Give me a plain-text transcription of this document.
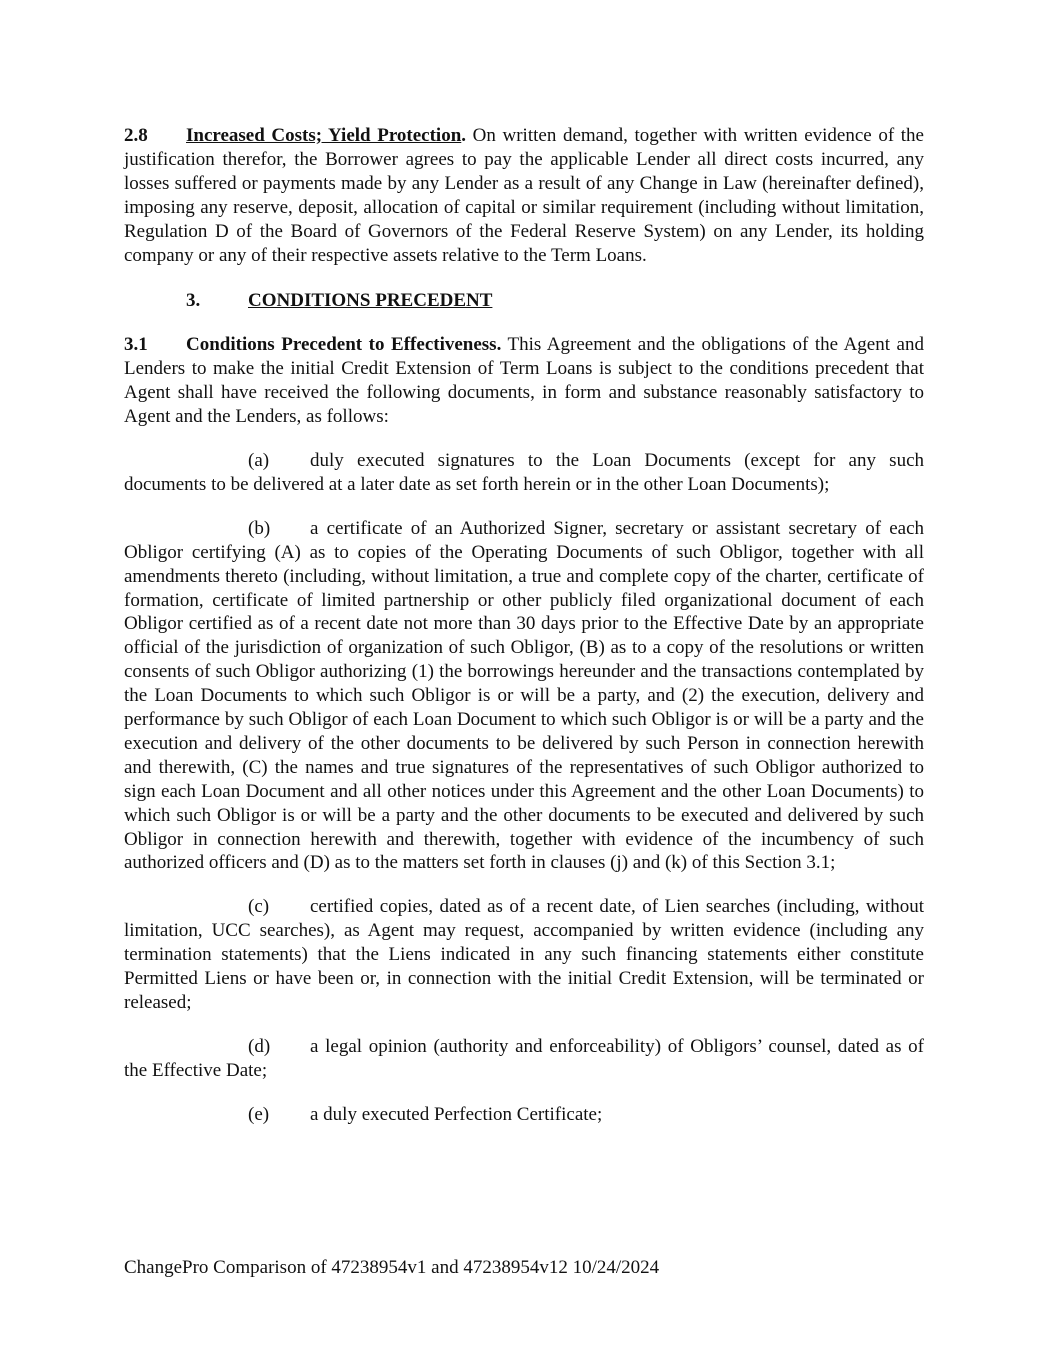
2.8 Increased Costs; Yield Protection. On written demand, together with written evidence of the justification therefor, the Borrower agrees to pay the applicable Lender all direct costs incurred, any losses suffered or payments made by any Lender as a result of any Change in Law (hereinafter defined), imposing any reserve, deposit, allocation of capital or similar requirement (including without limitation, Regulation D of the Board of Governors of the Federal Reserve System) on any Lender, its holding company or any of their respective assets relative to the Term Loans.

3.	CONDITIONS PRECEDENT

3.1 Conditions Precedent to Effectiveness. This Agreement and the obligations of the Agent and Lenders to make the initial Credit Extension of Term Loans is subject to the conditions precedent that Agent shall have received the following documents, in form and substance reasonably satisfactory to Agent and the Lenders, as follows:

(a) duly executed signatures to the Loan Documents (except for any such documents to be delivered at a later date as set forth herein or in the other Loan Documents);

(b) a certificate of an Authorized Signer, secretary or assistant secretary of each Obligor certifying (A) as to copies of the Operating Documents of such Obligor, together with all amendments thereto (including, without limitation, a true and complete copy of the charter, certificate of formation, certificate of limited partnership or other publicly filed organizational document of each Obligor certified as of a recent date not more than 30 days prior to the Effective Date by an appropriate official of the jurisdiction of organization of such Obligor, (B) as to a copy of the resolutions or written consents of such Obligor authorizing (1) the borrowings hereunder and the transactions contemplated by the Loan Documents to which such Obligor is or will be a party, and (2) the execution, delivery and performance by such Obligor of each Loan Document to which such Obligor is or will be a party and the execution and delivery of the other documents to be delivered by such Person in connection herewith and therewith, (C) the names and true signatures of the representatives of such Obligor authorized to sign each Loan Document and all other notices under this Agreement and the other Loan Documents) to which such Obligor is or will be a party and the other documents to be executed and delivered by such Obligor in connection herewith and therewith, together with evidence of the incumbency of such authorized officers and (D) as to the matters set forth in clauses (j) and (k) of this Section 3.1;

(c) certified copies, dated as of a recent date, of Lien searches (including, without limitation, UCC searches), as Agent may request, accompanied by written evidence (including any termination statements) that the Liens indicated in any such financing statements either constitute Permitted Liens or have been or, in connection with the initial Credit Extension, will be terminated or released;

(d) a legal opinion (authority and enforceability) of Obligors’ counsel, dated as of the Effective Date;

(e) a duly executed Perfection Certificate;

ChangePro Comparison of 47238954v1 and 47238954v12 10/24/2024
